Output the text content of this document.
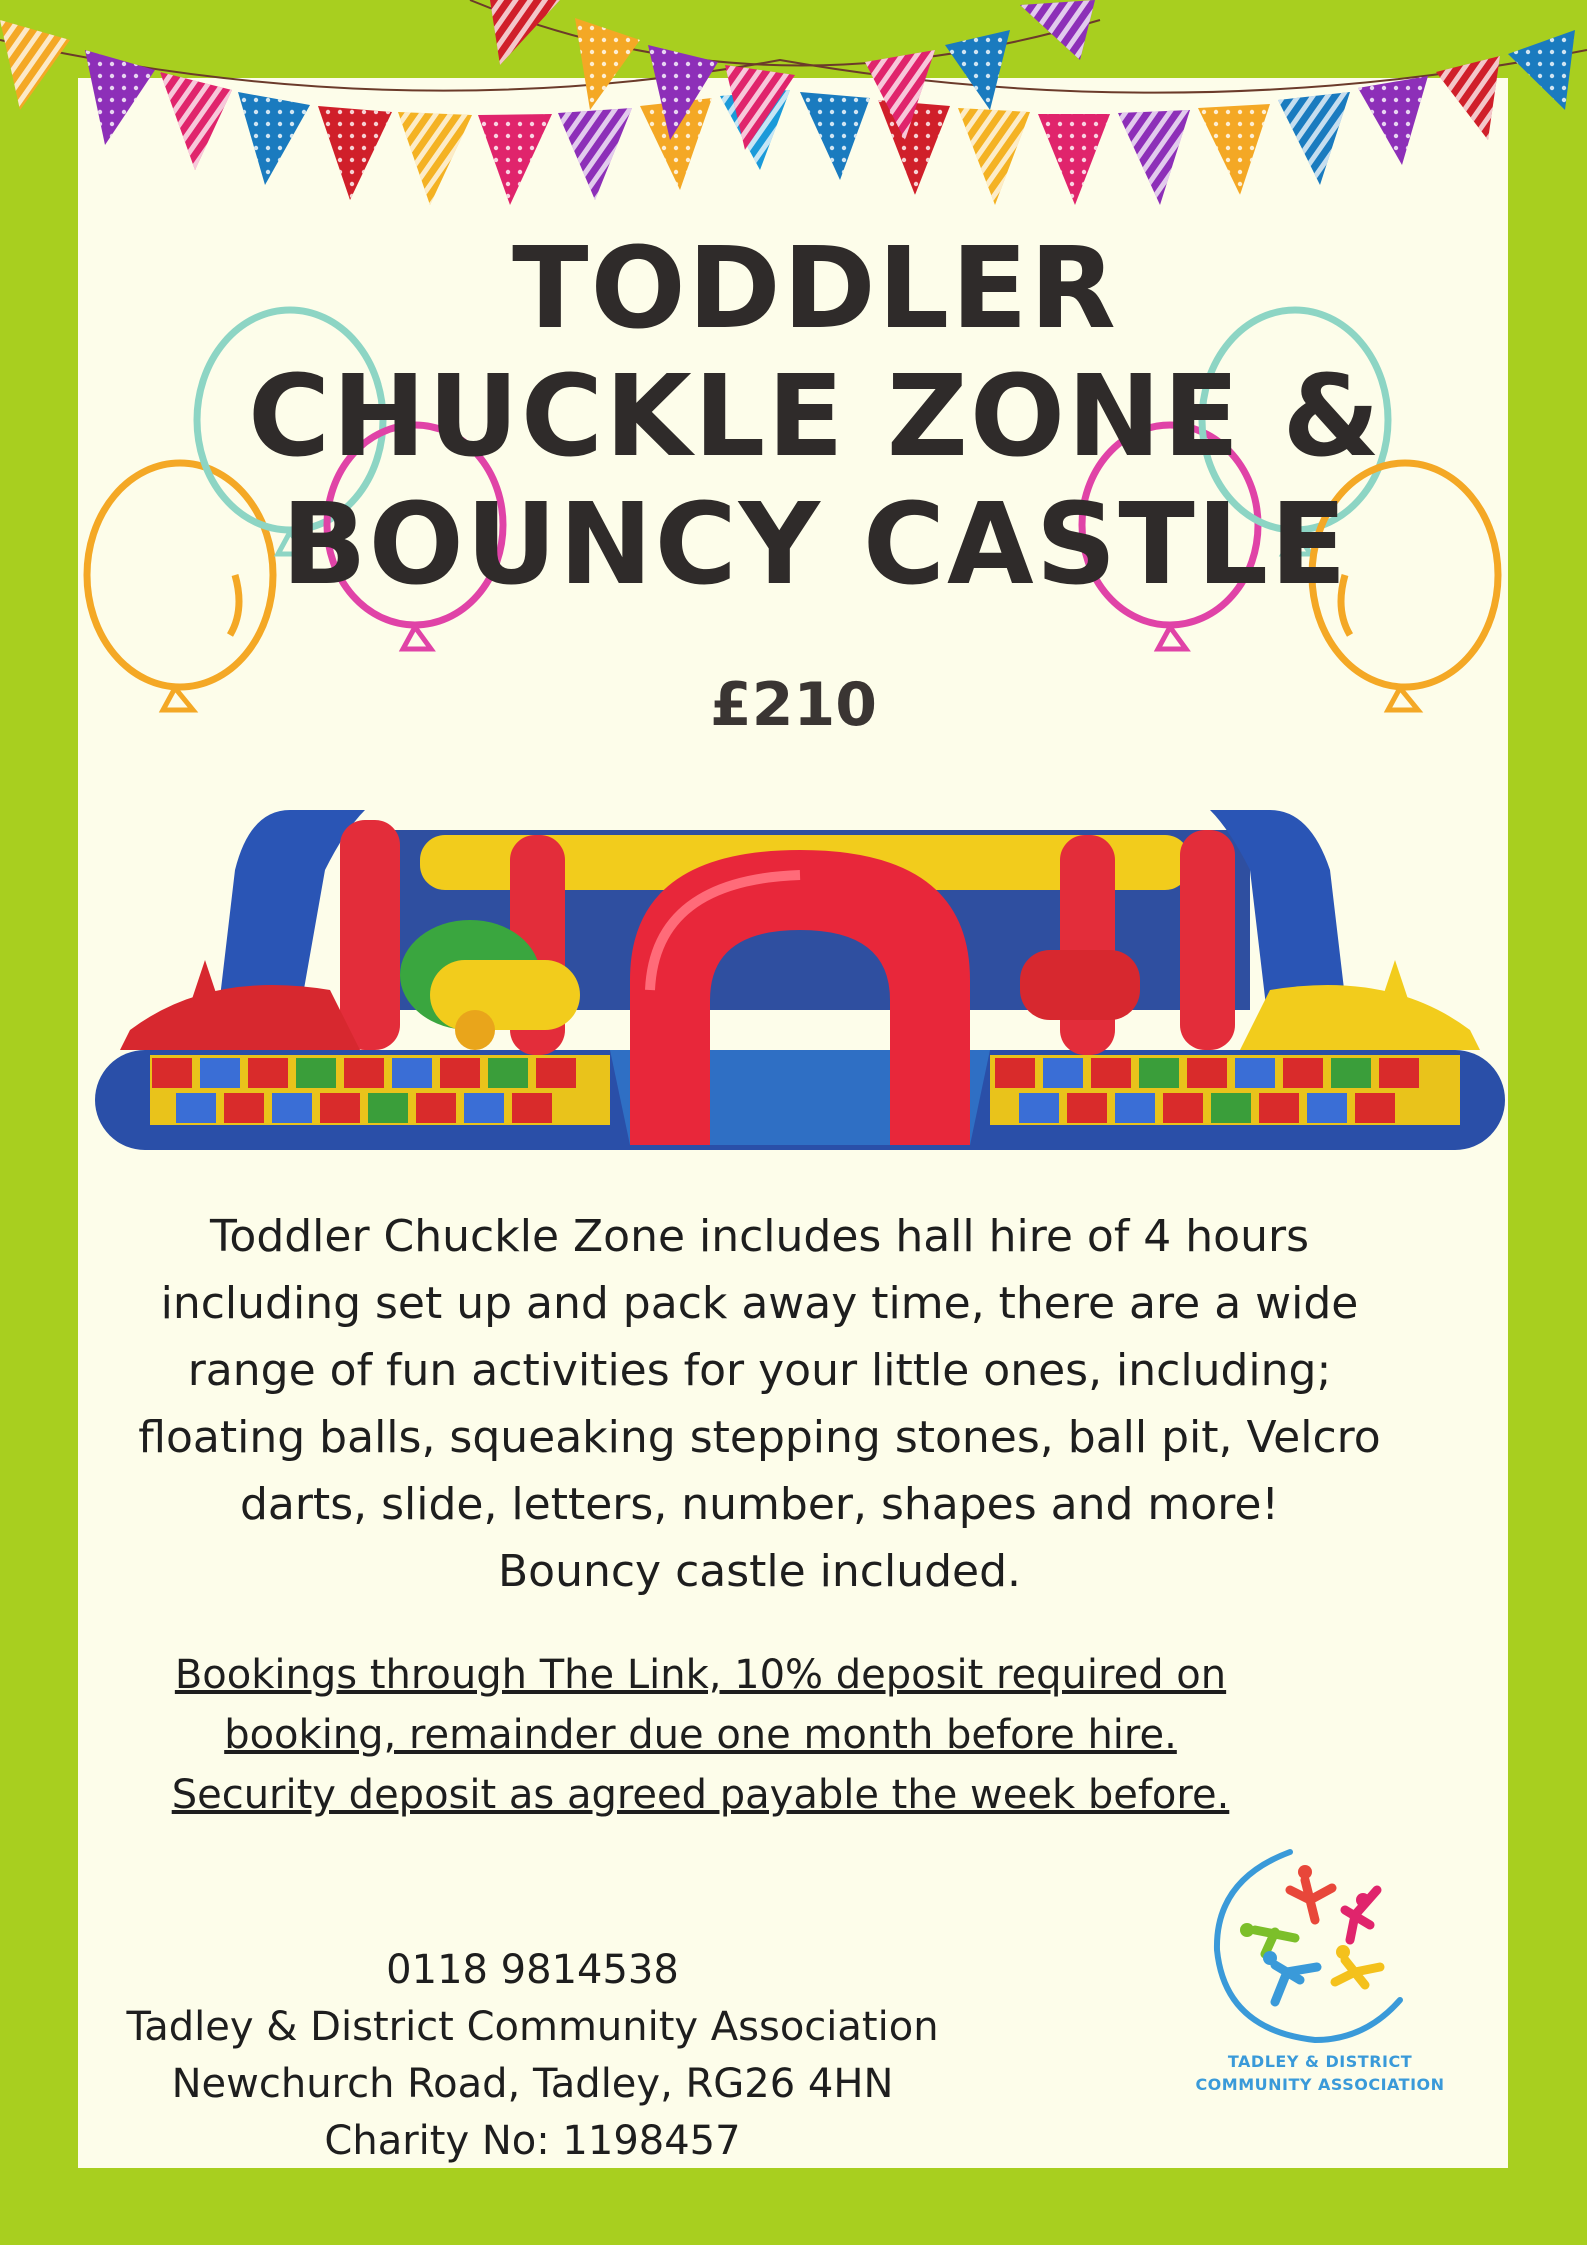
TODDLER
CHUCKLE ZONE &
BOUNCY CASTLE
£210
Toddler Chuckle Zone includes hall hire of 4 hours
including set up and pack away time, there are a wide
range of fun activities for your little ones, including;
floating balls, squeaking stepping stones, ball pit, Velcro
darts, slide, letters, number, shapes and more!
Bouncy castle included.
Bookings through The Link, 10% deposit required on
booking, remainder due one month before hire.
Security deposit as agreed payable the week before.
0118 9814538
Tadley & District Community Association
Newchurch Road, Tadley, RG26 4HN
Charity No: 1198457
TADLEY & DISTRICT
COMMUNITY ASSOCIATION
